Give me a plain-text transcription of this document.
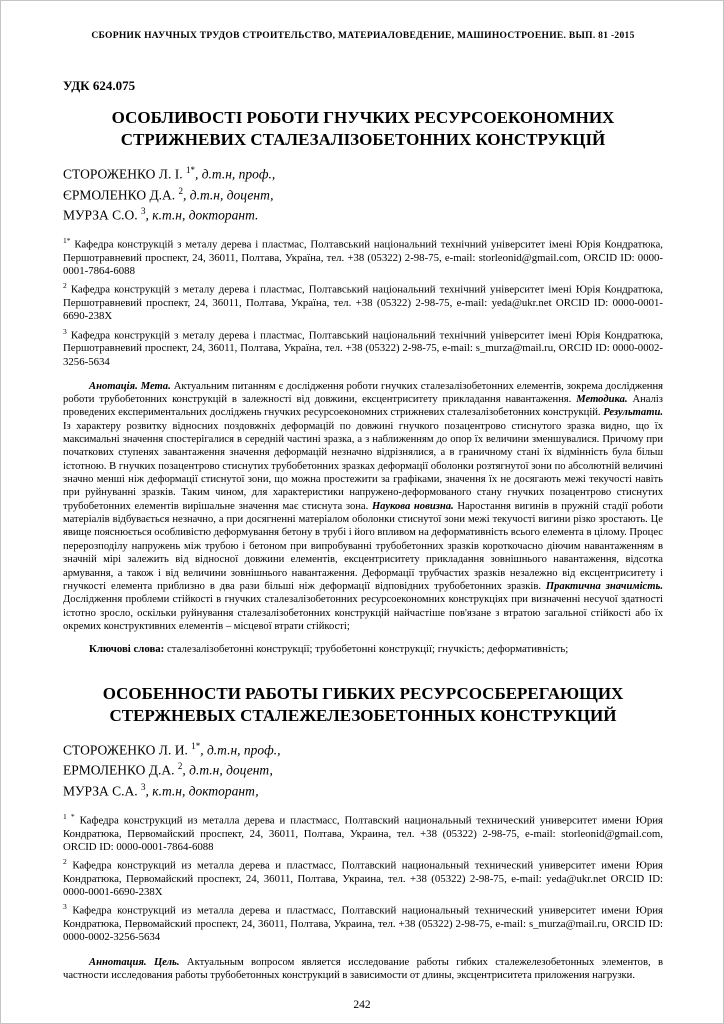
СБОРНИК НАУЧНЫХ ТРУДОВ СТРОИТЕЛЬСТВО, МАТЕРИАЛОВЕДЕНИЕ, МАШИНОСТРОЕНИЕ. ВЫП. 81 -2015
УДК 624.075
ОСОБЛИВОСТІ РОБОТИ ГНУЧКИХ РЕСУРСОЕКОНОМНИХ СТРИЖНЕВИХ СТАЛЕЗАЛІЗОБЕТОННИХ КОНСТРУКЦІЙ
СТОРОЖЕНКО Л. І. $^{1*}$, д.т.н, проф.,
ЄРМОЛЕНКО Д.А. $^2$, д.т.н, доцент,
МУРЗА С.О. $^3$, к.т.н, докторант.

$^{1*}$ Кафедра конструкцій з металу дерева і пластмас, Полтавський національний технічний університет імені Юрія Кондратюка, Першотравневий проспект, 24, 36011, Полтава, Україна, тел. +38 (05322) 2-98-75, e-mail: storleonid@gmail.com, ORCID ID: 0000-0001-7864-6088

$^2$ Кафедра конструкцій з металу дерева і пластмас, Полтавський національний технічний університет імені Юрія Кондратюка, Першотравневий проспект, 24, 36011, Полтава, Україна, тел. +38 (05322) 2-98-75, e-mail: yeda@ukr.net ORCID ID: 0000-0001-6690-238X

$^3$ Кафедра конструкцій з металу дерева і пластмас, Полтавський національний технічний університет імені Юрія Кондратюка, Першотравневий проспект, 24, 36011, Полтава, Україна, тел. +38 (05322) 2-98-75, e-mail: s_murza@mail.ru, ORCID ID: 0000-0002-3256-5634

Анотація. Мета. Актуальним питанням є дослідження роботи гнучких сталезалізобетонних елементів, зокрема дослідження роботи трубобетонних конструкцій в залежності від довжини, ексцентриситету прикладання навантаження. Методика. Аналіз проведених експериментальних досліджень гнучких ресурсоекономних стрижневих сталезалізобетонних конструкцій. Результати. Із характеру розвитку відносних поздовжніх деформацій по довжині гнучкого позацентрово стиснутого зразка видно, що їх максимальні значення спостерігалися в середній частині зразка, а з наближенням до опор їх величини зменшувалися. Причому при початкових ступенях завантаження значення деформацій незначно відрізнялися, а в граничному стані їх відмінність була більш істотною. В гнучких позацентрово стиснутих трубобетонних зразках деформації оболонки розтягнутої зони по абсолютній величині значно менші ніж деформації стиснутої зони, що можна простежити за графіками, значення їх не досягають межі текучості навіть при руйнуванні зразків. Таким чином, для характеристики напружено-деформованого стану гнучких позацентрово стиснутих трубобетонних елементів вирішальне значення має стиснута зона. Наукова новизна. Наростання вигинів в пружній стадії роботи матеріалів відбувається незначно, а при досягненні матеріалом оболонки стиснутої зони межі текучості вигини різко зростають. Це явище пояснюється особливістю деформування бетону в трубі і його впливом на деформативність всього елемента в цілому. Процес перерозподілу напружень між трубою і бетоном при випробуванні трубобетонних зразків короткочасно діючим навантаженням в значній мірі залежить від відносної довжини елементів, ексцентриситету прикладання зовнішнього навантаження, відсотка армування, а також і від величини зовнішнього навантаження. Деформації трубчастих зразків незалежно від ексцентриситету і гнучкості елемента приблизно в два рази більші ніж деформації відповідних трубобетонних зразків. Практична значимість. Дослідження проблеми стійкості в гнучких сталезалізобетонних ресурсоекономних конструкціях при визначенні несучої здатності істотно зросло, оскільки руйнування сталезалізобетонних конструкцій найчастіше пов'язане з втратою загальної стійкості або їх окремих конструктивних елементів – місцевої втрати стійкості;

Ключові слова: сталезалізобетонні конструкції; трубобетонні конструкції; гнучкість; деформативність;

ОСОБЕННОСТИ РАБОТЫ ГИБКИХ РЕСУРСОСБЕРЕГАЮЩИХ СТЕРЖНЕВЫХ СТАЛЕЖЕЛЕЗОБЕТОННЫХ КОНСТРУКЦИЙ
СТОРОЖЕНКО Л. И. $^{1*}$, д.т.н, проф.,
ЕРМОЛЕНКО Д.А. $^2$, д.т.н, доцент,
МУРЗА С.А. $^3$, к.т.н, докторант,

$^{1 *}$ Кафедра конструкций из металла дерева и пластмасс, Полтавский национальный технический университет имени Юрия Кондратюка, Первомайский проспект, 24, 36011, Полтава, Украина, тел. +38 (05322) 2-98-75, e-mail: storleonid@gmail.com, ORCID ID: 0000-0001-7864-6088

$^2$ Кафедра конструкций из металла дерева и пластмасс, Полтавский национальный технический университет имени Юрия Кондратюка, Первомайский проспект, 24, 36011, Полтава, Украина, тел. +38 (05322) 2-98-75, e-mail: yeda@ukr.net ORCID ID: 0000-0001-6690-238X

$^3$ Кафедра конструкций из металла дерева и пластмасс, Полтавский национальный технический университет имени Юрия Кондратюка, Первомайский проспект, 24, 36011, Полтава, Украина, тел. +38 (05322) 2-98-75, e-mail: s_murza@mail.ru, ORCID ID: 0000-0002-3256-5634

Аннотация. Цель. Актуальным вопросом является исследование работы гибких сталежелезобетонных элементов, в частности исследования работы трубобетонных конструкций в зависимости от длины, эксцентриситета приложения нагрузки.

242
